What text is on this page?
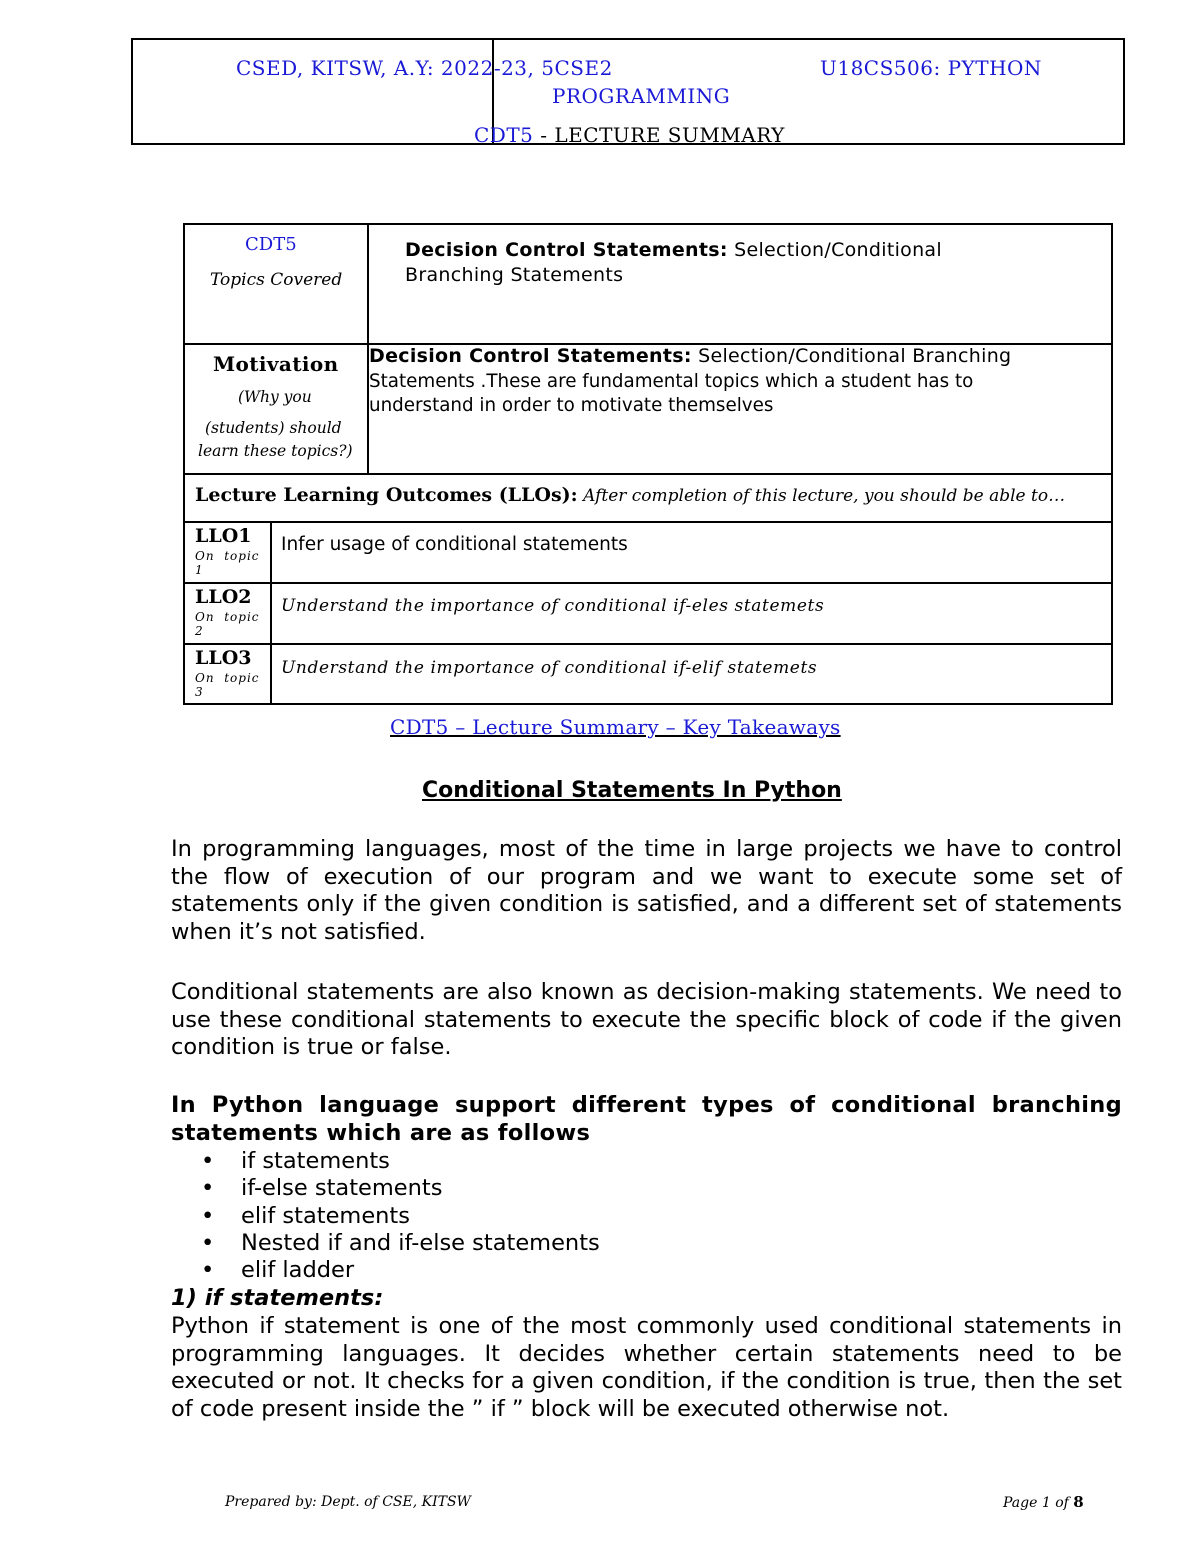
CSED, KITSW, A.Y: 2022-23, 5CSE2	U18CS506: PYTHON
PROGRAMMING
CDT5 - LECTURE SUMMARY
CDT5
Topics Covered
Decision Control Statements: Selection/Conditional
Branching Statements
Motivation
(Why you
(students) should
learn these topics?)
Decision Control Statements: Selection/Conditional Branching
Statements .These are fundamental topics which a student has to
understand in order to motivate themselves
Lecture Learning Outcomes (LLOs): After completion of this lecture, you should be able to…
LLO1
On topic
1
Infer usage of conditional statements
LLO2
On topic
2
Understand the importance of conditional if-eles statemets
LLO3
On topic
3
Understand the importance of conditional if-elif statemets
CDT5 – Lecture Summary – Key Takeaways
Conditional Statements In Python
In programming languages, most of the time in large projects we have to control the flow of execution of our program and we want to execute some set of statements only if the given condition is satisfied, and a different set of statements when it’s not satisfied.
Conditional statements are also known as decision-making statements. We need to use these conditional statements to execute the specific block of code if the given condition is true or false.
In Python language support different types of conditional branching statements which are as follows
• if statements
• if-else statements
• elif statements
• Nested if and if-else statements
• elif ladder
1) if statements:
Python if statement is one of the most commonly used conditional statements in programming languages. It decides whether certain statements need to be executed or not. It checks for a given condition, if the condition is true, then the set of code present inside the ” if ” block will be executed otherwise not.
Prepared by: Dept. of CSE, KITSW	Page 1 of 8
